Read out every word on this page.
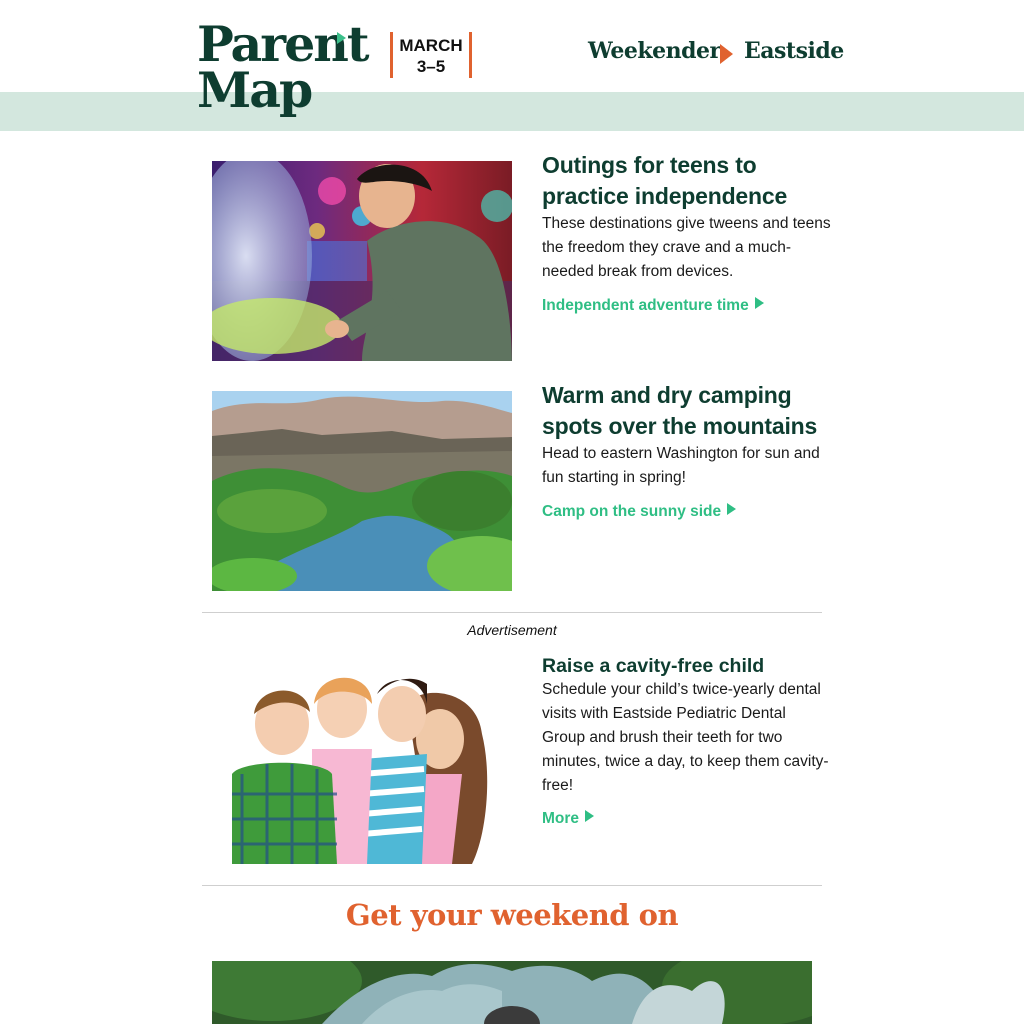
Parent
Map
MARCH
3–5
Weekender Eastside
Outings for teens to practice independence
These destinations give tweens and teens the freedom they crave and a much-needed break from devices.
Independent adventure time
Warm and dry camping spots over the mountains
Head to eastern Washington for sun and fun starting in spring!
Camp on the sunny side
Advertisement
Raise a cavity-free child
Schedule your child’s twice-yearly dental visits with Eastside Pediatric Dental Group and brush their teeth for two minutes, twice a day, to keep them cavity-free!
More
Get your weekend on
